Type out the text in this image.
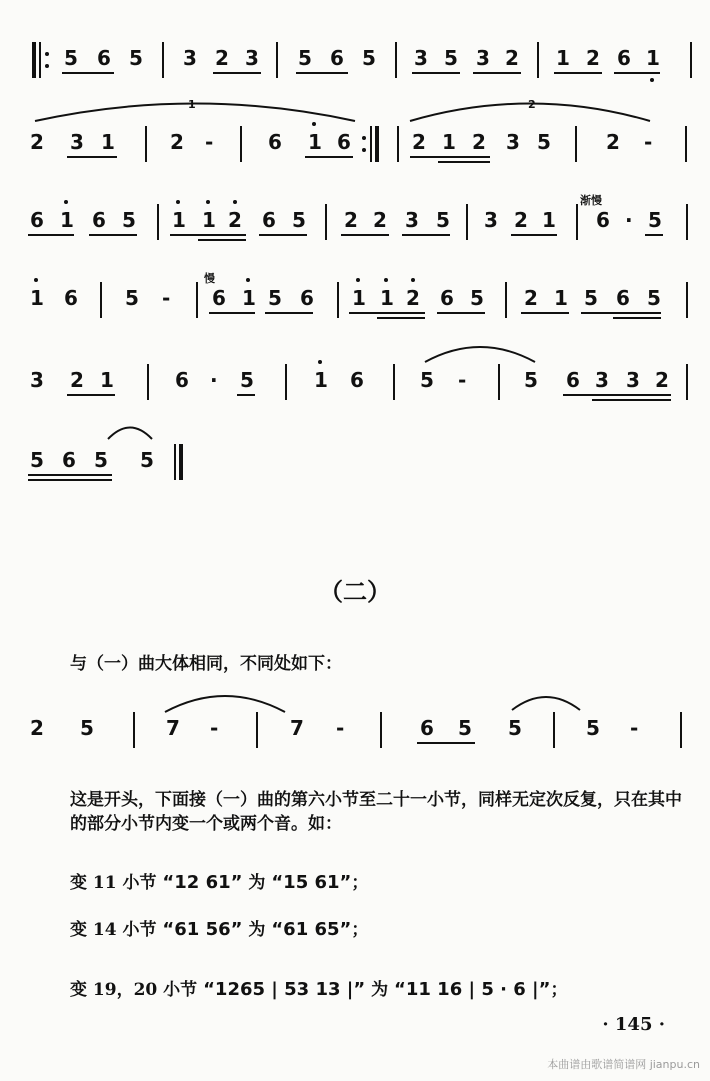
5 6 5 3 2 3 5 6 5 3 5 3 2 1 2 6 1
1	2
2 3 1	2 -	6 1 6	2 1 2 3 5	2 -
渐慢
6 1 6 5 1 1 2 6 5 2 2 3 5 3 2 1 6 · 5
慢
1 6 5 - 6 1 5 6 1 1 2 6 5 2 1 5 6 5
3 2 1	6 · 5	1 6	5 -	5 6 3 3 2
5 6 5 5
（二）
与（一）曲大体相同，不同处如下：
2 5	7 -	7 -	6 5 5	5 -
这是开头，下面接（一）曲的第六小节至二十一小节，同样无定次反复，只在其中的部分小节内变一个或两个音。如：
变 11 小节 “12 61” 为 “15 61”；
变 14 小节 “61 56” 为 “61 65”；
变 19，20 小节 “1265 | 53 13 |” 为 “11 16 | 5 · 6 |”；
· 145 ·
本曲谱由歌谱简谱网 jianpu.cn
